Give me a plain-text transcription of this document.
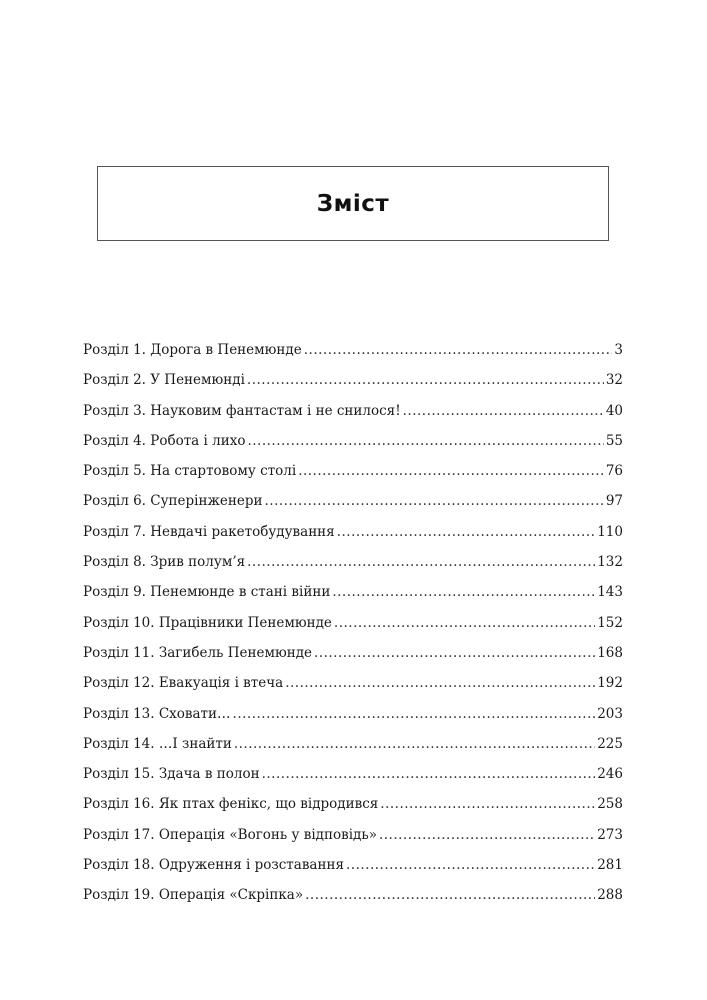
Зміст
Розділ 1. Дорога в Пенемюнде .....	3
Розділ 2. У Пенемюнді .....	32
Розділ 3. Науковим фантастам і не снилося! .....	40
Розділ 4. Робота і лихо .....	55
Розділ 5. На стартовому столі .....	76
Розділ 6. Суперінженери .....	97
Розділ 7. Невдачі ракетобудування .....	110
Розділ 8. Зрив полум’я .....	132
Розділ 9. Пенемюнде в стані війни .....	143
Розділ 10. Працівники Пенемюнде .....	152
Розділ 11. Загибель Пенемюнде .....	168
Розділ 12. Евакуація і втеча .....	192
Розділ 13. Сховати… .....	203
Розділ 14. …І знайти .....	225
Розділ 15. Здача в полон .....	246
Розділ 16. Як птах фенікс, що відродився .....	258
Розділ 17. Операція «Вогонь у відповідь» .....	273
Розділ 18. Одруження і розставання .....	281
Розділ 19. Операція «Скріпка» .....	288
